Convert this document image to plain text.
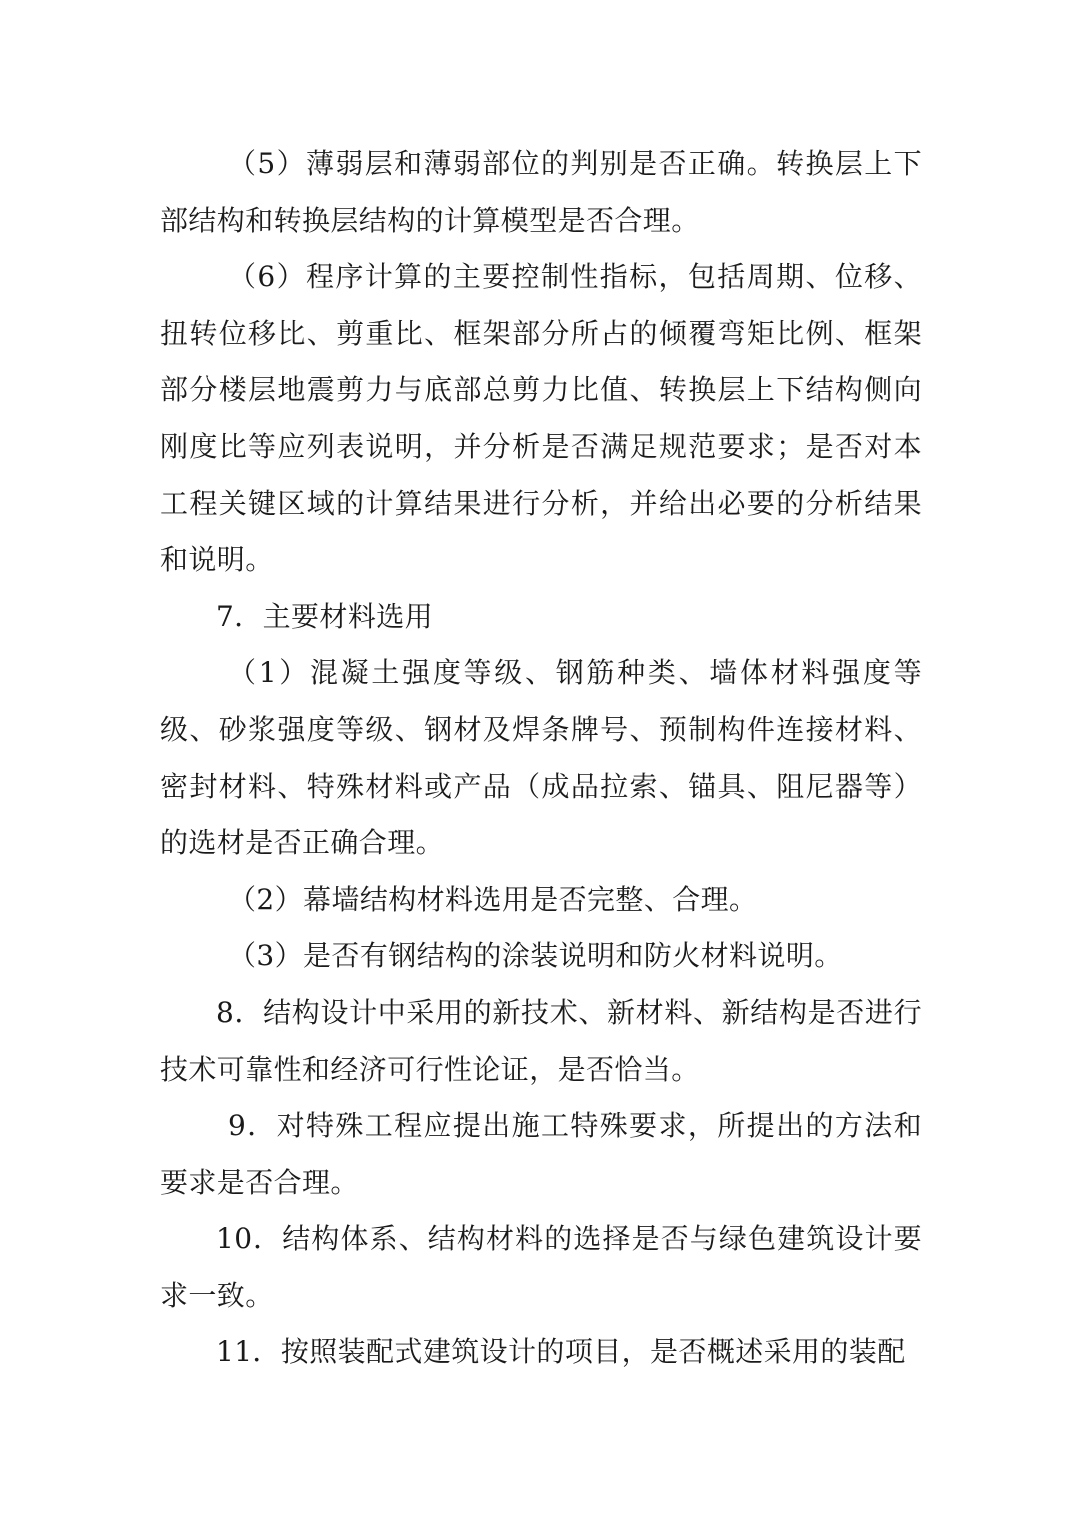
（5）薄弱层和薄弱部位的判别是否正确。转换层上下部结构和转换层结构的计算模型是否合理。

（6）程序计算的主要控制性指标，包括周期、位移、扭转位移比、剪重比、框架部分所占的倾覆弯矩比例、框架部分楼层地震剪力与底部总剪力比值、转换层上下结构侧向刚度比等应列表说明，并分析是否满足规范要求；是否对本工程关键区域的计算结果进行分析，并给出必要的分析结果和说明。

7．主要材料选用

（1）混凝土强度等级、钢筋种类、墙体材料强度等级、砂浆强度等级、钢材及焊条牌号、预制构件连接材料、密封材料、特殊材料或产品（成品拉索、锚具、阻尼器等）的选材是否正确合理。

（2）幕墙结构材料选用是否完整、合理。

（3）是否有钢结构的涂装说明和防火材料说明。

8．结构设计中采用的新技术、新材料、新结构是否进行技术可靠性和经济可行性论证，是否恰当。

9．对特殊工程应提出施工特殊要求，所提出的方法和要求是否合理。

10．结构体系、结构材料的选择是否与绿色建筑设计要求一致。

11．按照装配式建筑设计的项目，是否概述采用的装配
